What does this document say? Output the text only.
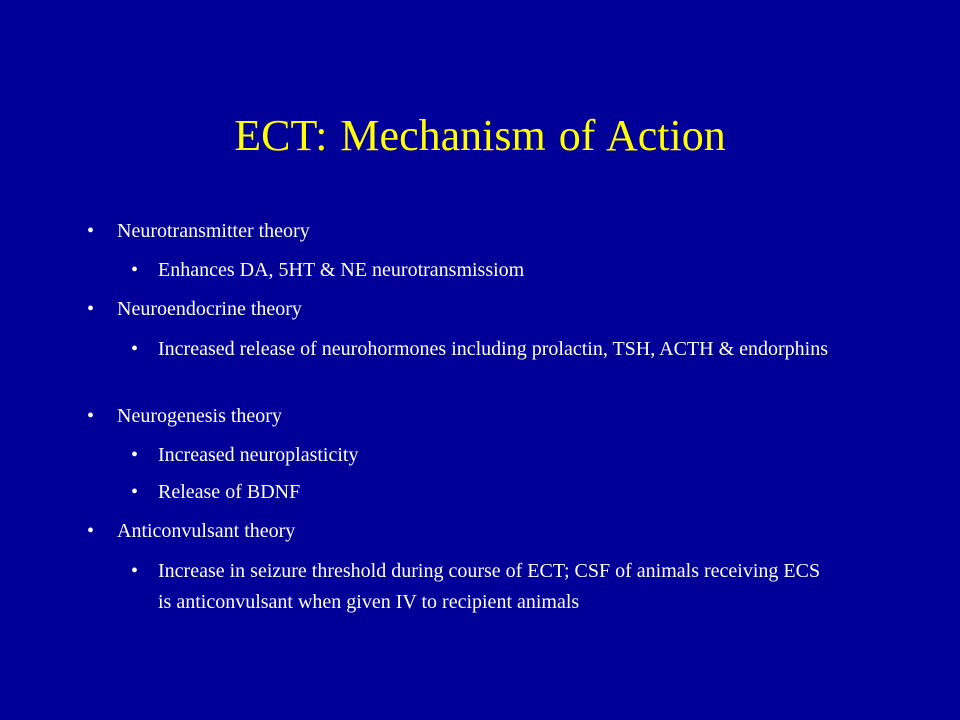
ECT: Mechanism of Action
• Neurotransmitter theory
• Enhances DA, 5HT & NE neurotransmissiom
• Neuroendocrine theory
• Increased release of neurohormones including prolactin, TSH, ACTH & endorphins
• Neurogenesis theory
• Increased neuroplasticity
• Release of BDNF
• Anticonvulsant theory
• Increase in seizure threshold during course of ECT; CSF of animals receiving ECS is anticonvulsant when given IV to recipient animals
